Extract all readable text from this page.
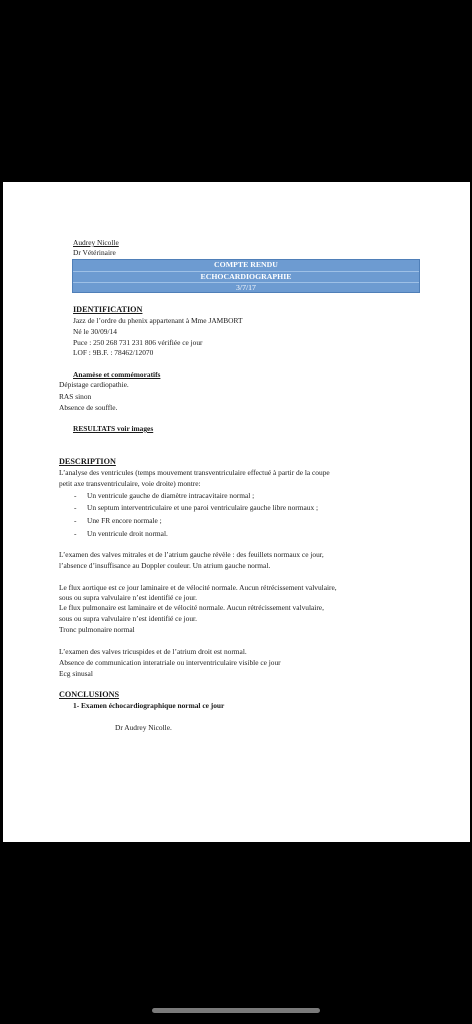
Audrey Nicolle
Dr Vétérinaire
COMPTE RENDU
ECHOCARDIOGRAPHIE
3/7/17
IDENTIFICATION
Jazz de l’ordre du phenix appartenant à Mme JAMBORT
Né le 30/09/14
Puce : 250 268 731 231 806 vérifiée ce jour
LOF : 9B.F. : 78462/12070
Anamèse et commémoratifs
Dépistage cardiopathie.
RAS sinon
Absence de souffle.
RESULTATS voir images
DESCRIPTION
L’analyse des ventricules (temps mouvement transventriculaire effectué à partir de la coupe
petit axe transventriculaire, voie droite) montre:
- Un ventricule gauche de diamètre intracavitaire normal ;
- Un septum interventriculaire et une paroi ventriculaire gauche libre normaux ;
- Une FR encore normale ;
- Un ventricule droit normal.
L’examen des valves mitrales et de l’atrium gauche révèle : des feuillets normaux ce jour,
l’absence d’insuffisance au Doppler couleur. Un atrium gauche normal.
Le flux aortique est ce jour laminaire et de vélocité normale. Aucun rétrécissement valvulaire,
sous ou supra valvulaire n’est identifié ce jour.
Le flux pulmonaire est laminaire et de vélocité normale. Aucun rétrécissement valvulaire,
sous ou supra valvulaire n’est identifié ce jour.
Tronc pulmonaire normal
L’examen des valves tricuspides et de l’atrium droit est normal.
Absence de communication interatriale ou interventriculaire visible ce jour
Ecg sinusal
CONCLUSIONS
1- Examen échocardiographique normal ce jour
Dr Audrey Nicolle.
